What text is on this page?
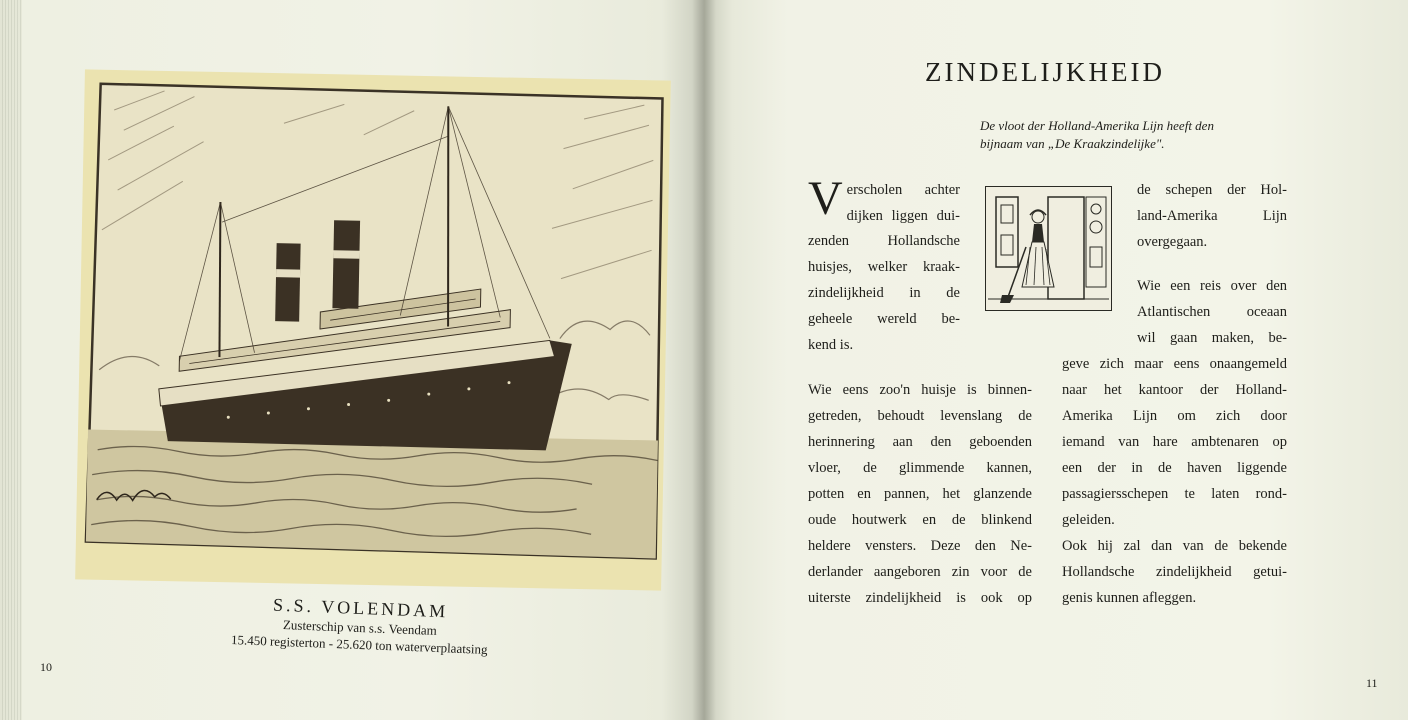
S.S. VOLENDAM
Zusterschip van s.s. Veendam
15.450 registerton - 25.620 ton waterverplaatsing
10
ZINDELIJKHEID
De vloot der Holland-Amerika Lijn heeft den
bijnaam van „De Kraakzindelijke".
Verscholen achter
dijken liggen dui-
zenden Hollandsche
huisjes, welker kraak-
zindelijkheid in de
geheele wereld be-
kend is.
Wie eens zoo'n huisje is binnen-
getreden, behoudt levenslang de
herinnering aan den geboenden
vloer, de glimmende kannen,
potten en pannen, het glanzende
oude houtwerk en de blinkend
heldere vensters. Deze den Ne-
derlander aangeboren zin voor de
uiterste zindelijkheid is ook op
de schepen der Hol-
land-Amerika Lijn
overgegaan.
Wie een reis over den
Atlantischen oceaan
wil gaan maken, be-
geve zich maar eens onaangemeld
naar het kantoor der Holland-
Amerika Lijn om zich door
iemand van hare ambtenaren op
een der in de haven liggende
passagiersschepen te laten rond-
geleiden.
Ook hij zal dan van de bekende
Hollandsche zindelijkheid getui-
genis kunnen afleggen.
11
